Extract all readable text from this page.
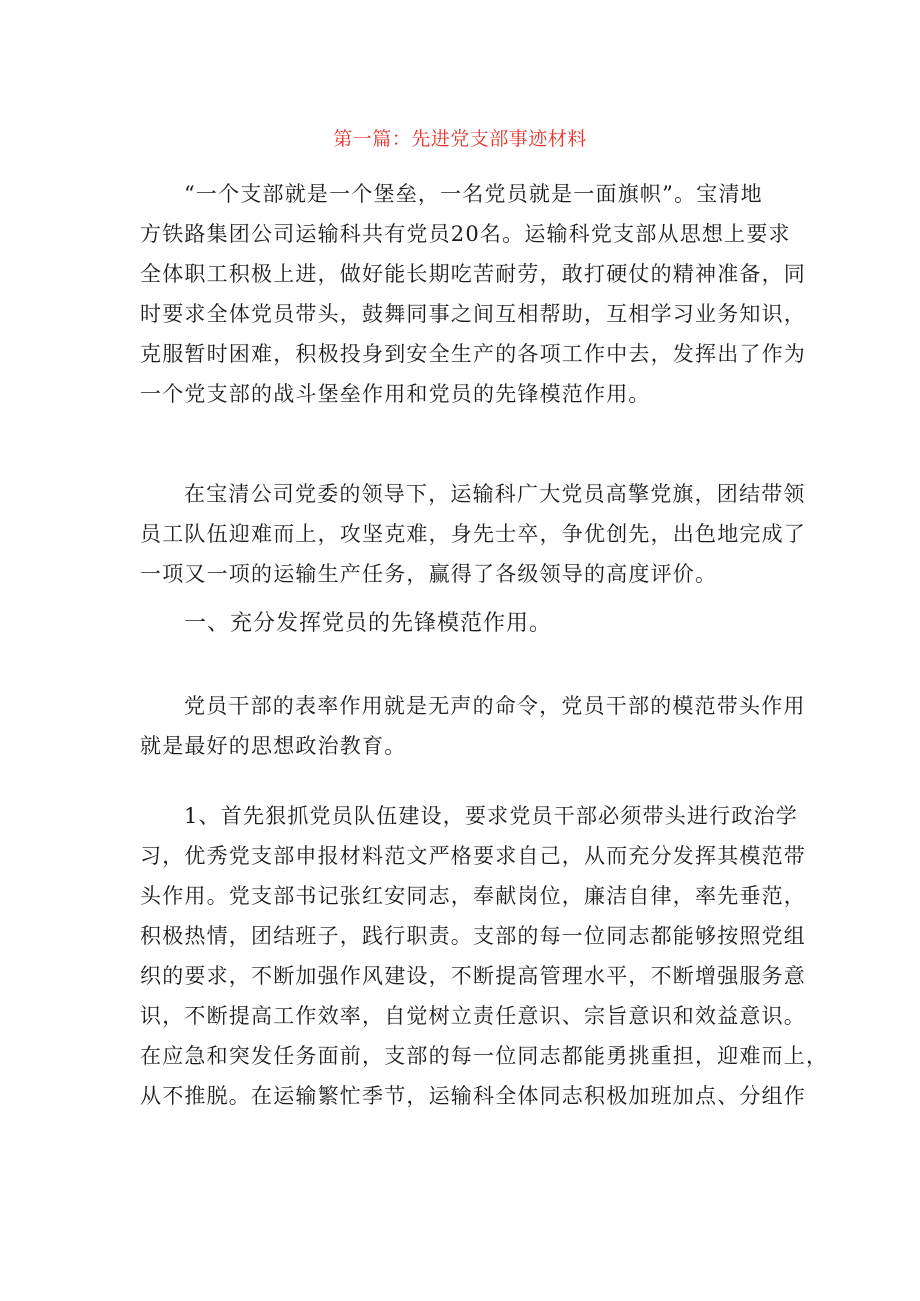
第一篇：先进党支部事迹材料
“一个支部就是一个堡垒，一名党员就是一面旗帜”。宝清地
方铁路集团公司运输科共有党员20名。运输科党支部从思想上要求
全体职工积极上进，做好能长期吃苦耐劳，敢打硬仗的精神准备，同
时要求全体党员带头，鼓舞同事之间互相帮助，互相学习业务知识，
克服暂时困难，积极投身到安全生产的各项工作中去，发挥出了作为
一个党支部的战斗堡垒作用和党员的先锋模范作用。
在宝清公司党委的领导下，运输科广大党员高擎党旗，团结带领
员工队伍迎难而上，攻坚克难，身先士卒，争优创先，出色地完成了
一项又一项的运输生产任务，赢得了各级领导的高度评价。
一、充分发挥党员的先锋模范作用。
党员干部的表率作用就是无声的命令，党员干部的模范带头作用
就是最好的思想政治教育。
1、首先狠抓党员队伍建设，要求党员干部必须带头进行政治学
习，优秀党支部申报材料范文严格要求自己，从而充分发挥其模范带
头作用。党支部书记张红安同志，奉献岗位，廉洁自律，率先垂范，
积极热情，团结班子，践行职责。支部的每一位同志都能够按照党组
织的要求，不断加强作风建设，不断提高管理水平，不断增强服务意
识，不断提高工作效率，自觉树立责任意识、宗旨意识和效益意识。
在应急和突发任务面前，支部的每一位同志都能勇挑重担，迎难而上，
从不推脱。在运输繁忙季节，运输科全体同志积极加班加点、分组作
